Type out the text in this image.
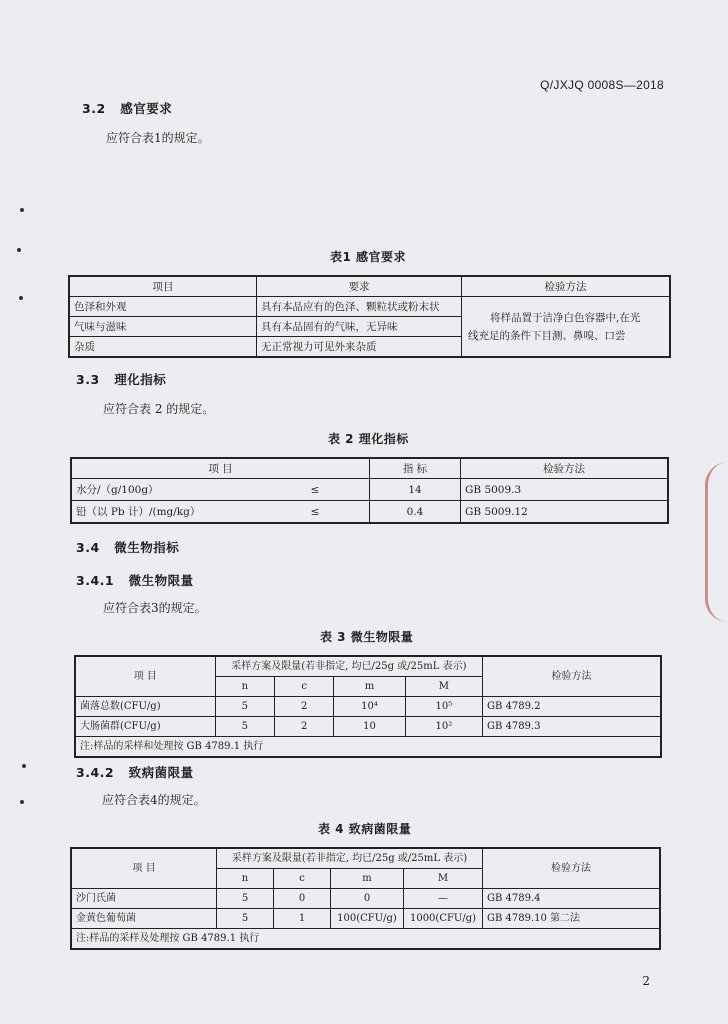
Q/JXJQ 0008S—2018
3.2 感官要求
应符合表1的规定。
表1 感官要求
项目	要求	检验方法
色泽和外观	具有本品应有的色泽、颗粒状或粉末状	将样品置于洁净白色容器中,在光
线充足的条件下目测、鼻嗅、口尝

气味与滋味	具有本品固有的气味，无异味	
杂质	无正常视力可见外来杂质	
3.3 理化指标
应符合表 2 的规定。
表 2 理化指标
项 目		指 标	检验方法
水分/（g/100g）	≤	14	GB 5009.3
铅（以 Pb 计）/(mg/kg）	≤	0.4	GB 5009.12
3.4 微生物指标
3.4.1 微生物限量
应符合表3的规定。
表 3 微生物限量
项 目	采样方案及限量(若非指定, 均已/25g 或/25mL 表示)				检验方法
	n	c	m	M	
菌落总数(CFU/g)	5	2	10⁴	10⁵	GB 4789.2
大肠菌群(CFU/g)	5	2	10	10²	GB 4789.3
注:样品的采样和处理按 GB 4789.1 执行					
3.4.2 致病菌限量
应符合表4的规定。
表 4 致病菌限量
项 目	采样方案及限量(若非指定, 均已/25g 或/25mL 表示)				检验方法
	n	c	m	M	
沙门氏菌	5	0	0	—	GB 4789.4
金黄色葡萄菌	5	1	100(CFU/g)	1000(CFU/g)	GB 4789.10 第二法
注:样品的采样及处理按 GB 4789.1 执行					
2
